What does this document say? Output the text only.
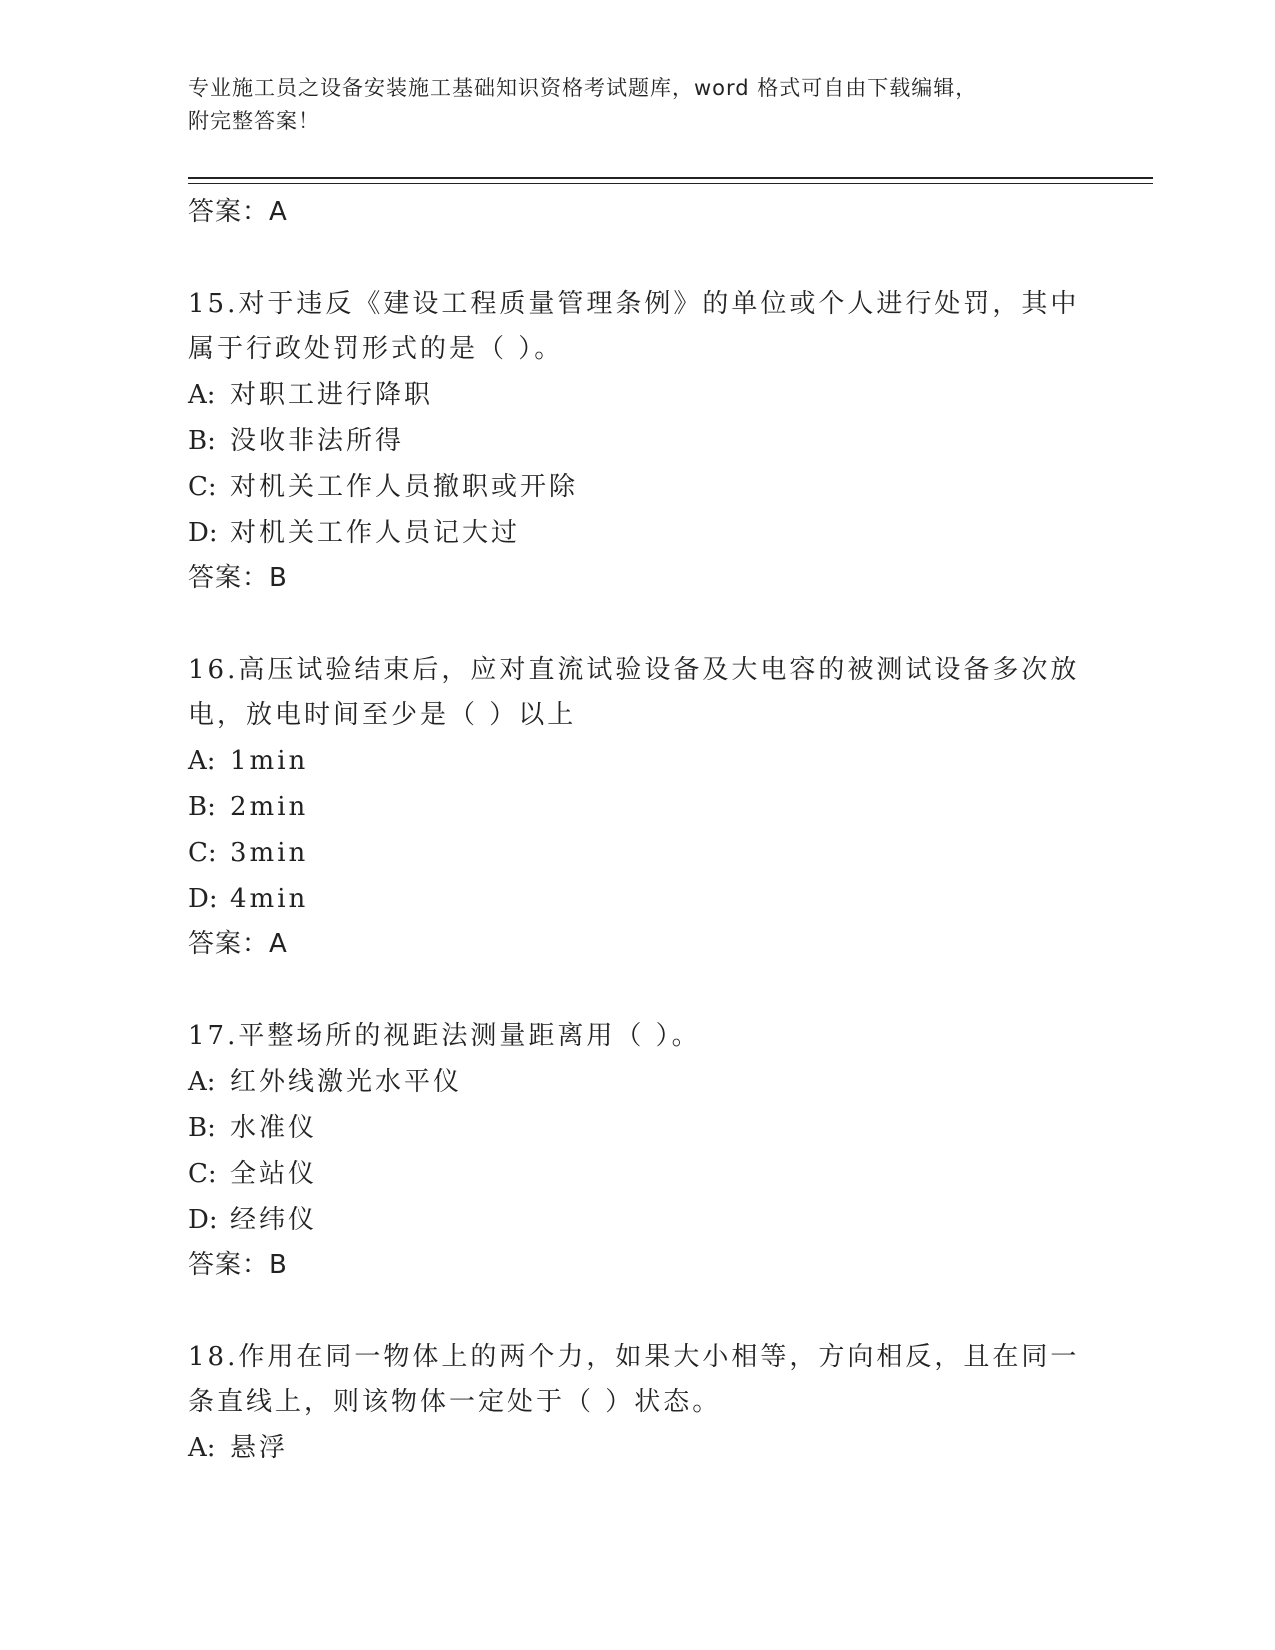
专业施工员之设备安装施工基础知识资格考试题库，word 格式可自由下载编辑，
附完整答案！
答案：A
15.对于违反《建设工程质量管理条例》的单位或个人进行处罚，其中
属于行政处罚形式的是（ ）。
A: 对职工进行降职
B: 没收非法所得
C: 对机关工作人员撤职或开除
D: 对机关工作人员记大过
答案：B
16.高压试验结束后，应对直流试验设备及大电容的被测试设备多次放
电，放电时间至少是（ ）以上
A: 1min
B: 2min
C: 3min
D: 4min
答案：A
17.平整场所的视距法测量距离用（ ）。
A: 红外线激光水平仪
B: 水准仪
C: 全站仪
D: 经纬仪
答案：B
18.作用在同一物体上的两个力，如果大小相等，方向相反，且在同一
条直线上，则该物体一定处于（ ）状态。
A: 悬浮
